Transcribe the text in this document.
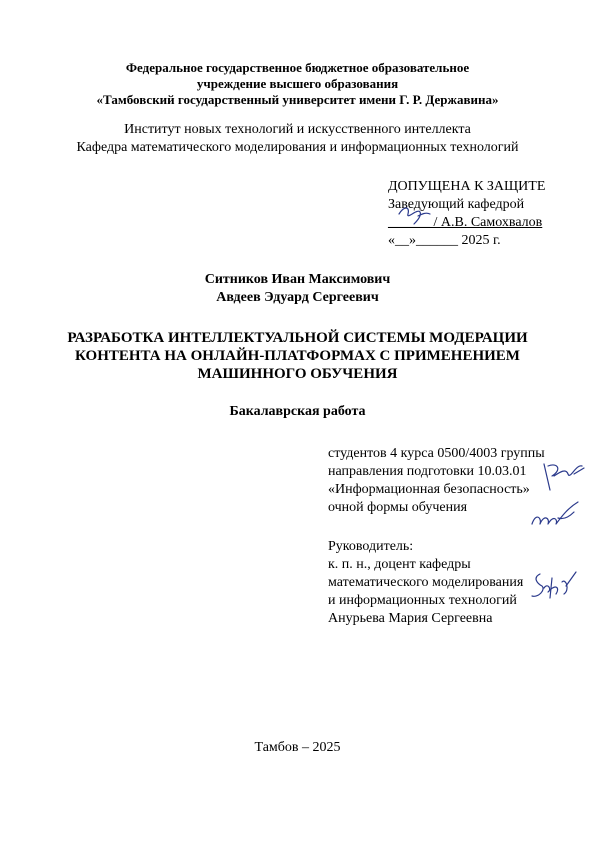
Федеральное государственное бюджетное образовательное
учреждение высшего образования
«Тамбовский государственный университет имени Г. Р. Державина»
Институт новых технологий и искусственного интеллекта
Кафедра математического моделирования и информационных технологий
ДОПУЩЕНА К ЗАЩИТЕ
Заведующий кафедрой
______ / А.В. Самохвалов
«__»______ 2025 г.
Ситников Иван Максимович
Авдеев Эдуард Сергеевич
РАЗРАБОТКА ИНТЕЛЛЕКТУАЛЬНОЙ СИСТЕМЫ МОДЕРАЦИИ
КОНТЕНТА НА ОНЛАЙН-ПЛАТФОРМАХ С ПРИМЕНЕНИЕМ
МАШИННОГО ОБУЧЕНИЯ
Бакалаврская работа
студентов 4 курса 0500/4003 группы
направления подготовки 10.03.01
«Информационная безопасность»
очной формы обучения
Руководитель:
к. п. н., доцент кафедры
математического моделирования
и информационных технологий
Анурьева Мария Сергеевна
Тамбов – 2025
